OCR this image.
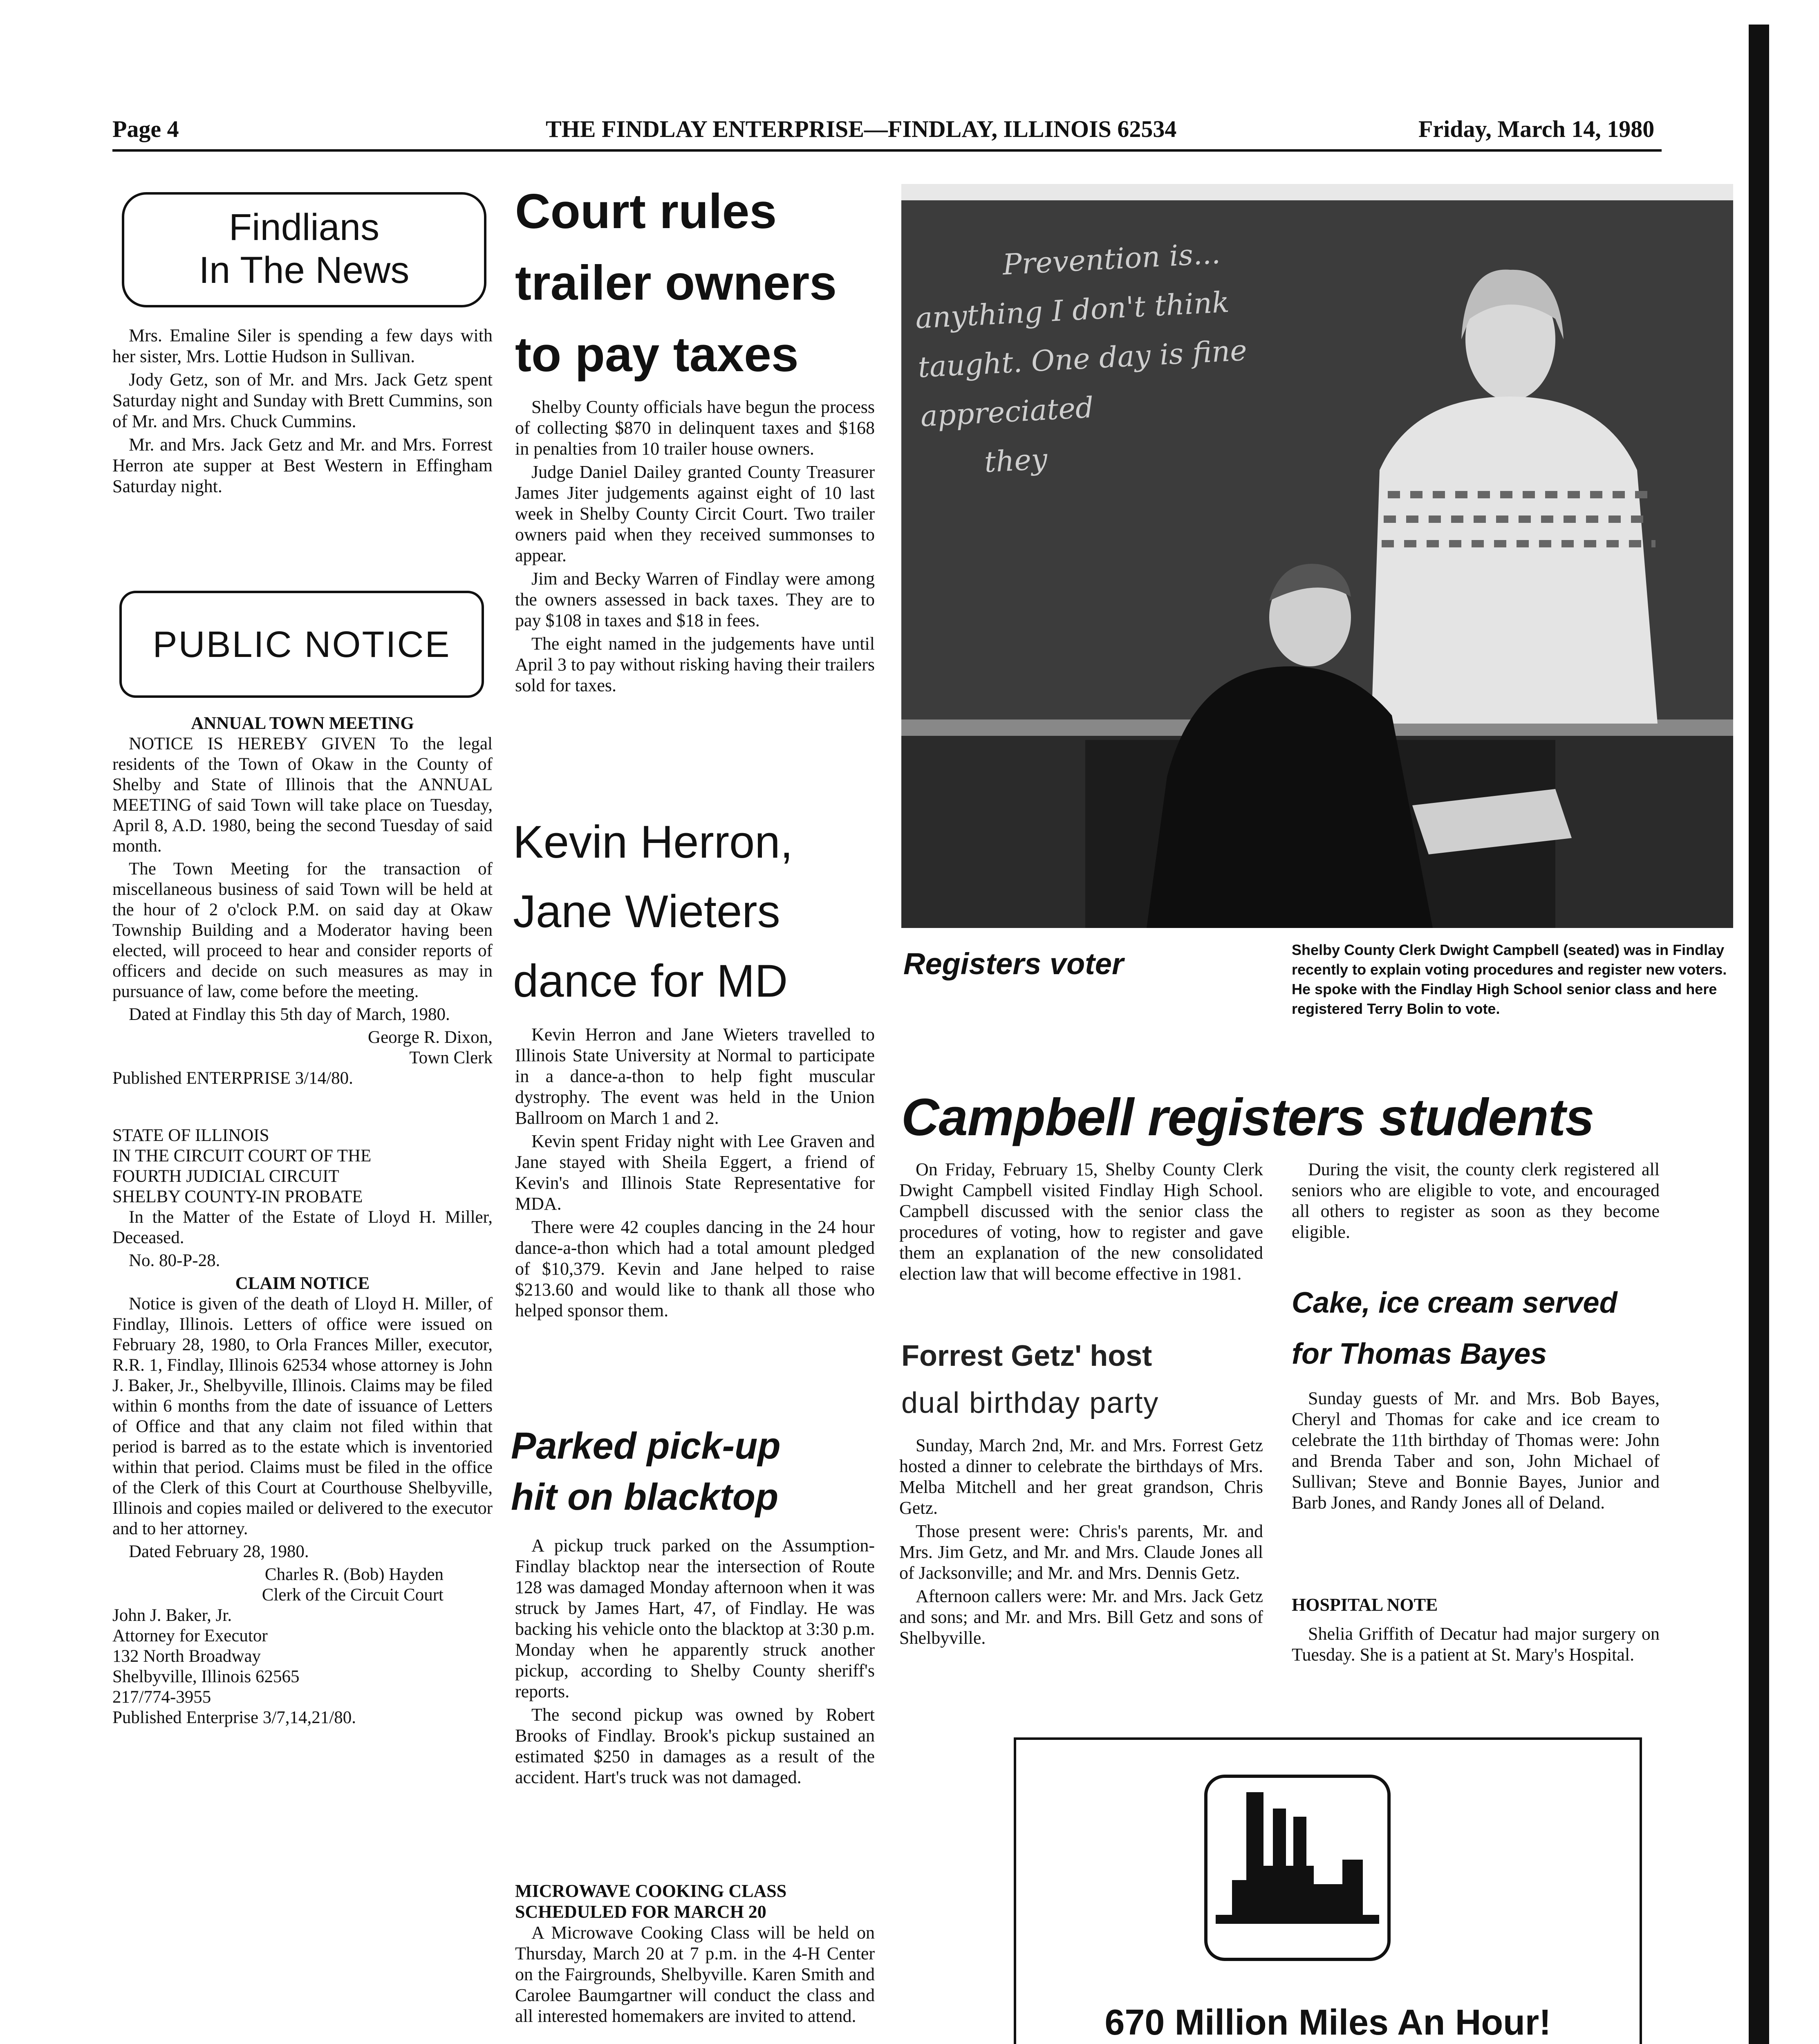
Page 4	THE FINDLAY ENTERPRISE—FINDLAY, ILLINOIS 62534	Friday, March 14, 1980
Findlians
In The News

Mrs. Emaline Siler is spending a few days with her sister, Mrs. Lottie Hudson in Sullivan.

Jody Getz, son of Mr. and Mrs. Jack Getz spent Saturday night and Sunday with Brett Cummins, son of Mr. and Mrs. Chuck Cummins.

Mr. and Mrs. Jack Getz and Mr. and Mrs. Forrest Herron ate supper at Best Western in Effingham Saturday night.

PUBLIC NOTICE
ANNUAL TOWN MEETING

NOTICE IS HEREBY GIVEN To the legal residents of the Town of Okaw in the County of Shelby and State of Illinois that the ANNUAL MEETING of said Town will take place on Tuesday, April 8, A.D. 1980, being the second Tuesday of said month.

The Town Meeting for the transaction of miscellaneous business of said Town will be held at the hour of 2 o'clock P.M. on said day at Okaw Township Building and a Moderator having been elected, will proceed to hear and consider reports of officers and decide on such measures as may in pursuance of law, come before the meeting.

Dated at Findlay this 5th day of March, 1980.

George R. Dixon,
Town Clerk
Published ENTERPRISE 3/14/80.
STATE OF ILLINOIS
IN THE CIRCUIT COURT OF THE
FOURTH JUDICIAL CIRCUIT
SHELBY COUNTY-IN PROBATE

In the Matter of the Estate of Lloyd H. Miller, Deceased.

No. 80-P-28.

CLAIM NOTICE

Notice is given of the death of Lloyd H. Miller, of Findlay, Illinois. Letters of office were issued on February 28, 1980, to Orla Frances Miller, executor, R.R. 1, Findlay, Illinois 62534 whose attorney is John J. Baker, Jr., Shelbyville, Illinois. Claims may be filed within 6 months from the date of issuance of Letters of Office and that any claim not filed within that period is barred as to the estate which is inventoried within that period. Claims must be filed in the office of the Clerk of this Court at Courthouse Shelbyville, Illinois and copies mailed or delivered to the executor and to her attorney.

Dated February 28, 1980.

Charles R. (Bob) Hayden
Clerk of the Circuit Court
John J. Baker, Jr.
Attorney for Executor
132 North Broadway
Shelbyville, Illinois 62565
217/774-3955
Published Enterprise 3/7,14,21/80.

Court rules
trailer owners
to pay taxes

Shelby County officials have begun the process of collecting $870 in delinquent taxes and $168 in penalties from 10 trailer house owners.

Judge Daniel Dailey granted County Treasurer James Jiter judgements against eight of 10 last week in Shelby County Circit Court. Two trailer owners paid when they received summonses to appear.

Jim and Becky Warren of Findlay were among the owners assessed in back taxes. They are to pay $108 in taxes and $18 in fees.

The eight named in the judgements have until April 3 to pay without risking having their trailers sold for taxes.

Kevin Herron,
Jane Wieters
dance for MD

Kevin Herron and Jane Wieters travelled to Illinois State University at Normal to participate in a dance-a-thon to help fight muscular dystrophy. The event was held in the Union Ballroom on March 1 and 2.

Kevin spent Friday night with Lee Graven and Jane stayed with Sheila Eggert, a friend of Kevin's and Illinois State Representative for MDA.

There were 42 couples dancing in the 24 hour dance-a-thon which had a total amount pledged of $10,379. Kevin and Jane helped to raise $213.60 and would like to thank all those who helped sponsor them.

Parked pick-up
hit on blacktop

A pickup truck parked on the Assumption-Findlay blacktop near the intersection of Route 128 was damaged Monday afternoon when it was struck by James Hart, 47, of Findlay. He was backing his vehicle onto the blacktop at 3:30 p.m. Monday when he apparently struck another pickup, according to Shelby County sheriff's reports.

The second pickup was owned by Robert Brooks of Findlay. Brook's pickup sustained an estimated $250 in damages as a result of the accident. Hart's truck was not damaged.

MICROWAVE COOKING CLASS
SCHEDULED FOR MARCH 20

A Microwave Cooking Class will be held on Thursday, March 20 at 7 p.m. in the 4-H Center on the Fairgrounds, Shelbyville. Karen Smith and Carolee Baumgartner will conduct the class and all interested homemakers are invited to attend.

Prevention is...
anything I don't think
taught. One day is fine
appreciated
they
Registers voter	Shelby County Clerk Dwight Campbell (seated) was in Findlay recently to explain voting procedures and register new voters. He spoke with the Findlay High School senior class and here registered Terry Bolin to vote.
Campbell registers students

On Friday, February 15, Shelby County Clerk Dwight Campbell visited Findlay High School. Campbell discussed with the senior class the procedures of voting, how to register and gave them an explanation of the new consolidated election law that will become effective in 1981.

During the visit, the county clerk registered all seniors who are eligible to vote, and encouraged all others to register as soon as they become eligible.

Forrest Getz' host
dual birthday party

Sunday, March 2nd, Mr. and Mrs. Forrest Getz hosted a dinner to celebrate the birthdays of Mrs. Melba Mitchell and her great grandson, Chris Getz.

Those present were: Chris's parents, Mr. and Mrs. Jim Getz, and Mr. and Mrs. Claude Jones all of Jacksonville; and Mr. and Mrs. Dennis Getz.

Afternoon callers were: Mr. and Mrs. Jack Getz and sons; and Mr. and Mrs. Bill Getz and sons of Shelbyville.

Cake, ice cream served
for Thomas Bayes

Sunday guests of Mr. and Mrs. Bob Bayes, Cheryl and Thomas for cake and ice cream to celebrate the 11th birthday of Thomas were: John and Brenda Taber and son, John Michael of Sullivan; Steve and Bonnie Bayes, Junior and Barb Jones, and Randy Jones all of Deland.

HOSPITAL NOTE

Shelia Griffith of Decatur had major surgery on Tuesday. She is a patient at St. Mary's Hospital.

670 Million Miles An Hour!
